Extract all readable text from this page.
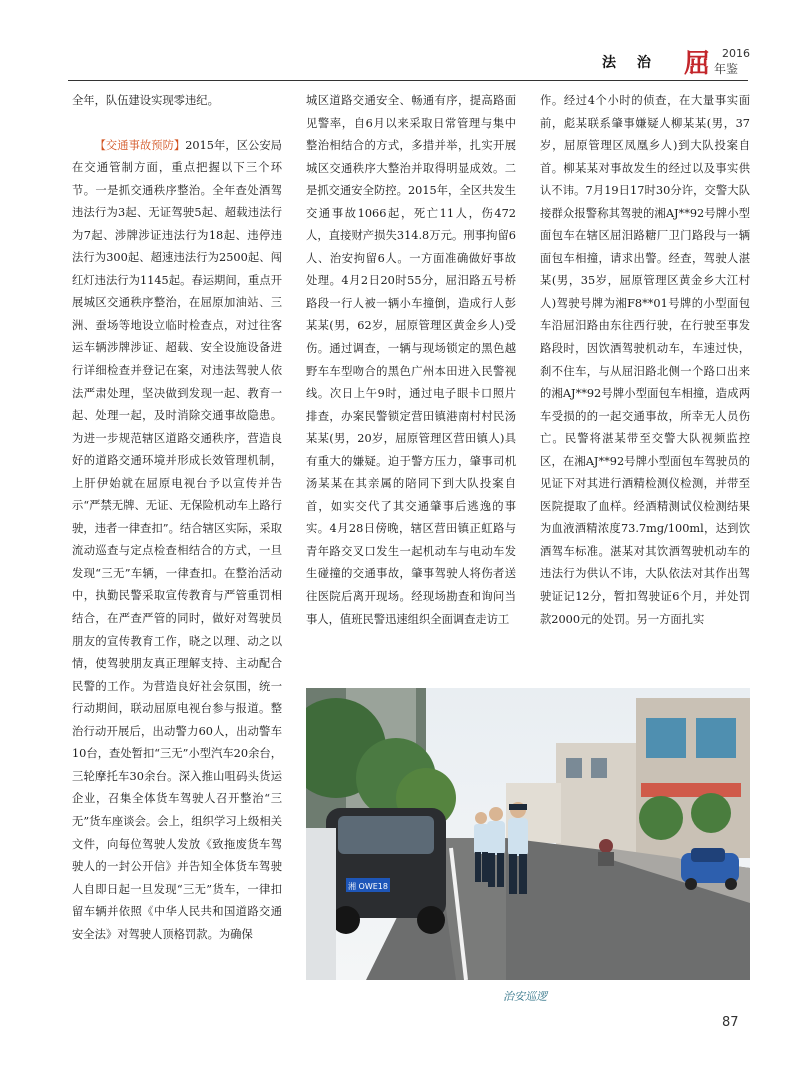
法 治 屈 2016
年鉴

全年，队伍建设实现零违纪。

【交通事故预防】2015年，区公安局在交通管制方面，重点把握以下三个环节。一是抓交通秩序整治。全年查处酒驾违法行为3起、无证驾驶5起、超载违法行为7起、涉牌涉证违法行为18起、违停违法行为300起、超速违法行为2500起、闯红灯违法行为1145起。春运期间，重点开展城区交通秩序整治，在屈原加油站、三洲、蚕场等地设立临时检查点，对过往客运车辆涉牌涉证、超载、安全设施设备进行详细检查并登记在案，对违法驾驶人依法严肃处理，坚决做到发现一起、教育一起、处理一起，及时消除交通事故隐患。为进一步规范辖区道路交通秩序，营造良好的道路交通环境并形成长效管理机制，上肝伊始就在屈原电视台予以宣传并告示“严禁无牌、无证、无保险机动车上路行驶，违者一律查扣”。结合辖区实际，采取流动巡查与定点检查相结合的方式，一旦发现“三无”车辆，一律查扣。在整治活动中，执勤民警采取宣传教育与严管重罚相结合，在严查严管的同时，做好对驾驶员朋友的宣传教育工作，晓之以理、动之以情，使驾驶朋友真正理解支持、主动配合民警的工作。为营造良好社会氛围，统一行动期间，联动屈原电视台参与报道。整治行动开展后，出动警力60人，出动警车10台，查处暂扣“三无”小型汽车20余台，三轮摩托车30余台。深入推山咀码头货运企业，召集全体货车驾驶人召开整治“三无”货车座谈会。会上，组织学习上级相关文件，向每位驾驶人发放《致拖废货车驾驶人的一封公开信》并告知全体货车驾驶人自即日起一旦发现“三无”货车，一律扣留车辆并依照《中华人民共和国道路交通安全法》对驾驶人顶格罚款。为确保

城区道路交通安全、畅通有序，提高路面见警率，自6月以来采取日常管理与集中整治相结合的方式，多措并举，扎实开展城区交通秩序大整治并取得明显成效。二是抓交通安全防控。2015年，全区共发生交通事故1066起，死亡11人，伤472人，直接财产损失314.8万元。刑事拘留6人、治安拘留6人。一方面准确做好事故处理。4月2日20时55分，屈汨路五号桥路段一行人被一辆小车撞倒，造成行人彭某某(男，62岁，屈原管理区黄金乡人)受伤。通过调查，一辆与现场锁定的黑色越野车车型吻合的黑色广州本田进入民警视线。次日上午9时，通过电子眼卡口照片排查，办案民警锁定营田镇港南村村民汤某某(男，20岁，屈原管理区营田镇人)具有重大的嫌疑。迫于警方压力，肇事司机汤某某在其亲属的陪同下到大队投案自首，如实交代了其交通肇事后逃逸的事实。4月28日傍晚，辖区营田镇正虹路与青年路交叉口发生一起机动车与电动车发生碰撞的交通事故，肇事驾驶人将伤者送往医院后离开现场。经现场勘查和询问当事人，值班民警迅速组织全面调查走访工

作。经过4个小时的侦查，在大量事实面前，彪某联系肇事嫌疑人柳某某(男，37岁，屈原管理区凤凰乡人)到大队投案自首。柳某某对事故发生的经过以及事实供认不讳。7月19日17时30分许，交警大队接群众报警称其驾驶的湘AJ**92号牌小型面包车在辖区屈汨路糖厂卫门路段与一辆面包车相撞，请求出警。经查，驾驶人湛某(男，35岁，屈原管理区黄金乡大江村人)驾驶号牌为湘F8**01号牌的小型面包车沿屈汨路由东往西行驶，在行驶至事发路段时，因饮酒驾驶机动车，车速过快，刹不住车，与从屈汨路北侧一个路口出来的湘AJ**92号牌小型面包车相撞，造成两车受损的的一起交通事故，所幸无人员伤亡。民警将湛某带至交警大队视频监控区，在湘AJ**92号牌小型面包车驾驶员的见证下对其进行酒精检测仪检测，并带至医院提取了血样。经酒精测试仪检测结果为血液酒精浓度73.7mg/100ml，达到饮酒驾车标准。湛某对其饮酒驾驶机动车的违法行为供认不讳，大队依法对其作出驾驶证记12分，暂扣驾驶证6个月，并处罚款2000元的处罚。另一方面扎实

湘 OWE18
治安巡逻
87
